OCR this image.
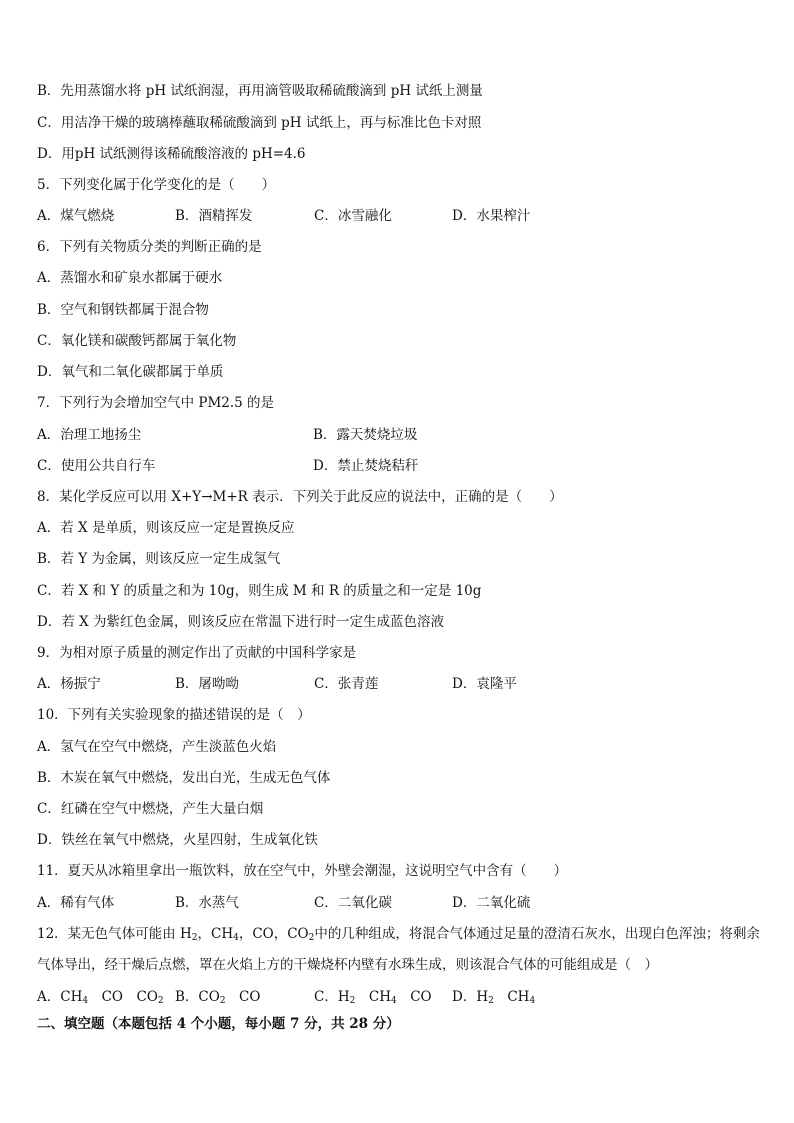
B．先用蒸馏水将 pH 试纸润湿，再用滴管吸取稀硫酸滴到 pH 试纸上测量
C．用洁净干燥的玻璃棒蘸取稀硫酸滴到 pH 试纸上，再与标准比色卡对照
D．用pH 试纸测得该稀硫酸溶液的 pH=4.6
5．下列变化属于化学变化的是（　　）
A．煤气燃烧	B．酒精挥发	C．冰雪融化	D．水果榨汁
6．下列有关物质分类的判断正确的是
A．蒸馏水和矿泉水都属于硬水
B．空气和钢铁都属于混合物
C．氧化镁和碳酸钙都属于氧化物
D．氧气和二氧化碳都属于单质
7．下列行为会增加空气中 PM2.5 的是
A．治理工地扬尘	B．露天焚烧垃圾
C．使用公共自行车	D．禁止焚烧秸秆
8．某化学反应可以用 X+Y→M+R 表示．下列关于此反应的说法中，正确的是（　　）
A．若 X 是单质，则该反应一定是置换反应
B．若 Y 为金属，则该反应一定生成氢气
C．若 X 和 Y 的质量之和为 10g，则生成 M 和 R 的质量之和一定是 10g
D．若 X 为紫红色金属，则该反应在常温下进行时一定生成蓝色溶液
9．为相对原子质量的测定作出了贡献的中国科学家是
A．杨振宁	B．屠呦呦	C．张青莲	D．袁隆平
10．下列有关实验现象的描述错误的是（　）
A．氢气在空气中燃烧，产生淡蓝色火焰
B．木炭在氧气中燃烧，发出白光，生成无色气体
C．红磷在空气中燃烧，产生大量白烟
D．铁丝在氧气中燃烧，火星四射，生成氧化铁
11．夏天从冰箱里拿出一瓶饮料，放在空气中，外壁会潮湿，这说明空气中含有（　　）
A．稀有气体	B．水蒸气	C．二氧化碳	D．二氧化硫
12．某无色气体可能由 $H_2$，$CH_4$，CO，$CO_2$中的几种组成，将混合气体通过足量的澄清石灰水，出现白色浑浊；将剩余
气体导出，经干燥后点燃，罩在火焰上方的干燥烧杯内壁有水珠生成，则该混合气体的可能组成是（　）
A．$CH_4$　CO　$CO_2$ B．$CO_2$　CO	C．$H_2$　$CH_4$　CO D．$H_2$　$CH_4$
二、填空题（本题包括 4 个小题，每小题 7 分，共 28 分）
